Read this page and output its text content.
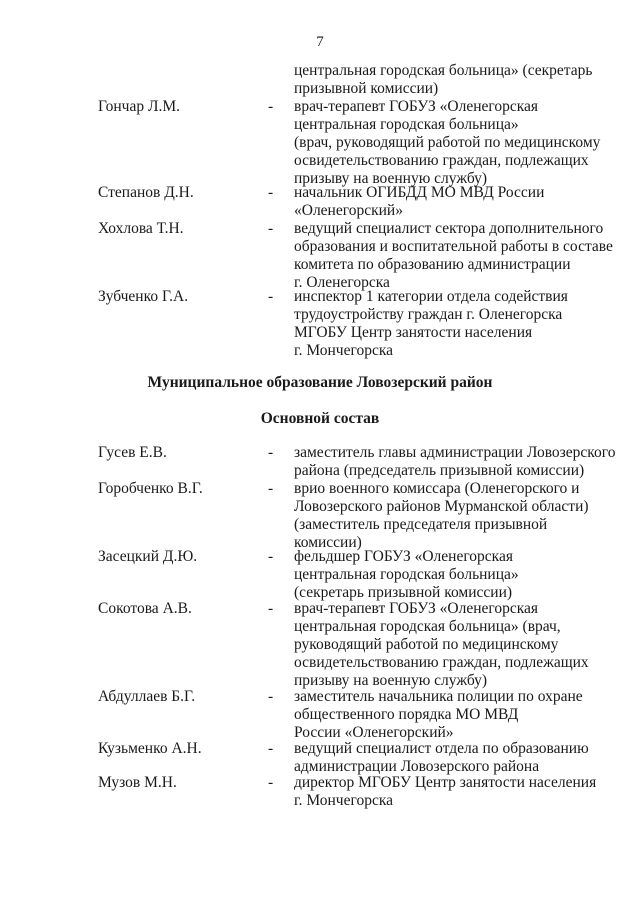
7
центральная городская больница» (секретарь
призывной комиссии)
Гончар Л.М.	- врач-терапевт ГОБУЗ «Оленегорская
центральная городская больница»
(врач, руководящий работой по медицинскому
освидетельствованию граждан, подлежащих
призыву на военную службу)
Степанов Д.Н.	- начальник ОГИБДД МО МВД России
«Оленегорский»
Хохлова Т.Н.	- ведущий специалист сектора дополнительного
образования и воспитательной работы в составе
комитета по образованию администрации
г. Оленегорска
Зубченко Г.А.	- инспектор 1 категории отдела содействия
трудоустройству граждан г. Оленегорска
МГОБУ Центр занятости населения
г. Мончегорска
Муниципальное образование Ловозерский район
Основной состав
Гусев Е.В.	- заместитель главы администрации Ловозерского
района (председатель призывной комиссии)
Горобченко В.Г.	- врио военного комиссара (Оленегорского и
Ловозерского районов Мурманской области)
(заместитель председателя призывной
комиссии)
Засецкий Д.Ю.	- фельдшер ГОБУЗ «Оленегорская
центральная городская больница»
(секретарь призывной комиссии)
Сокотова А.В.	- врач-терапевт ГОБУЗ «Оленегорская
центральная городская больница» (врач,
руководящий работой по медицинскому
освидетельствованию граждан, подлежащих
призыву на военную службу)
Абдуллаев Б.Г.	- заместитель начальника полиции по охране
общественного порядка МО МВД
России «Оленегорский»
Кузьменко А.Н.	- ведущий специалист отдела по образованию
администрации Ловозерского района
Музов М.Н.	- директор МГОБУ Центр занятости населения
г. Мончегорска
